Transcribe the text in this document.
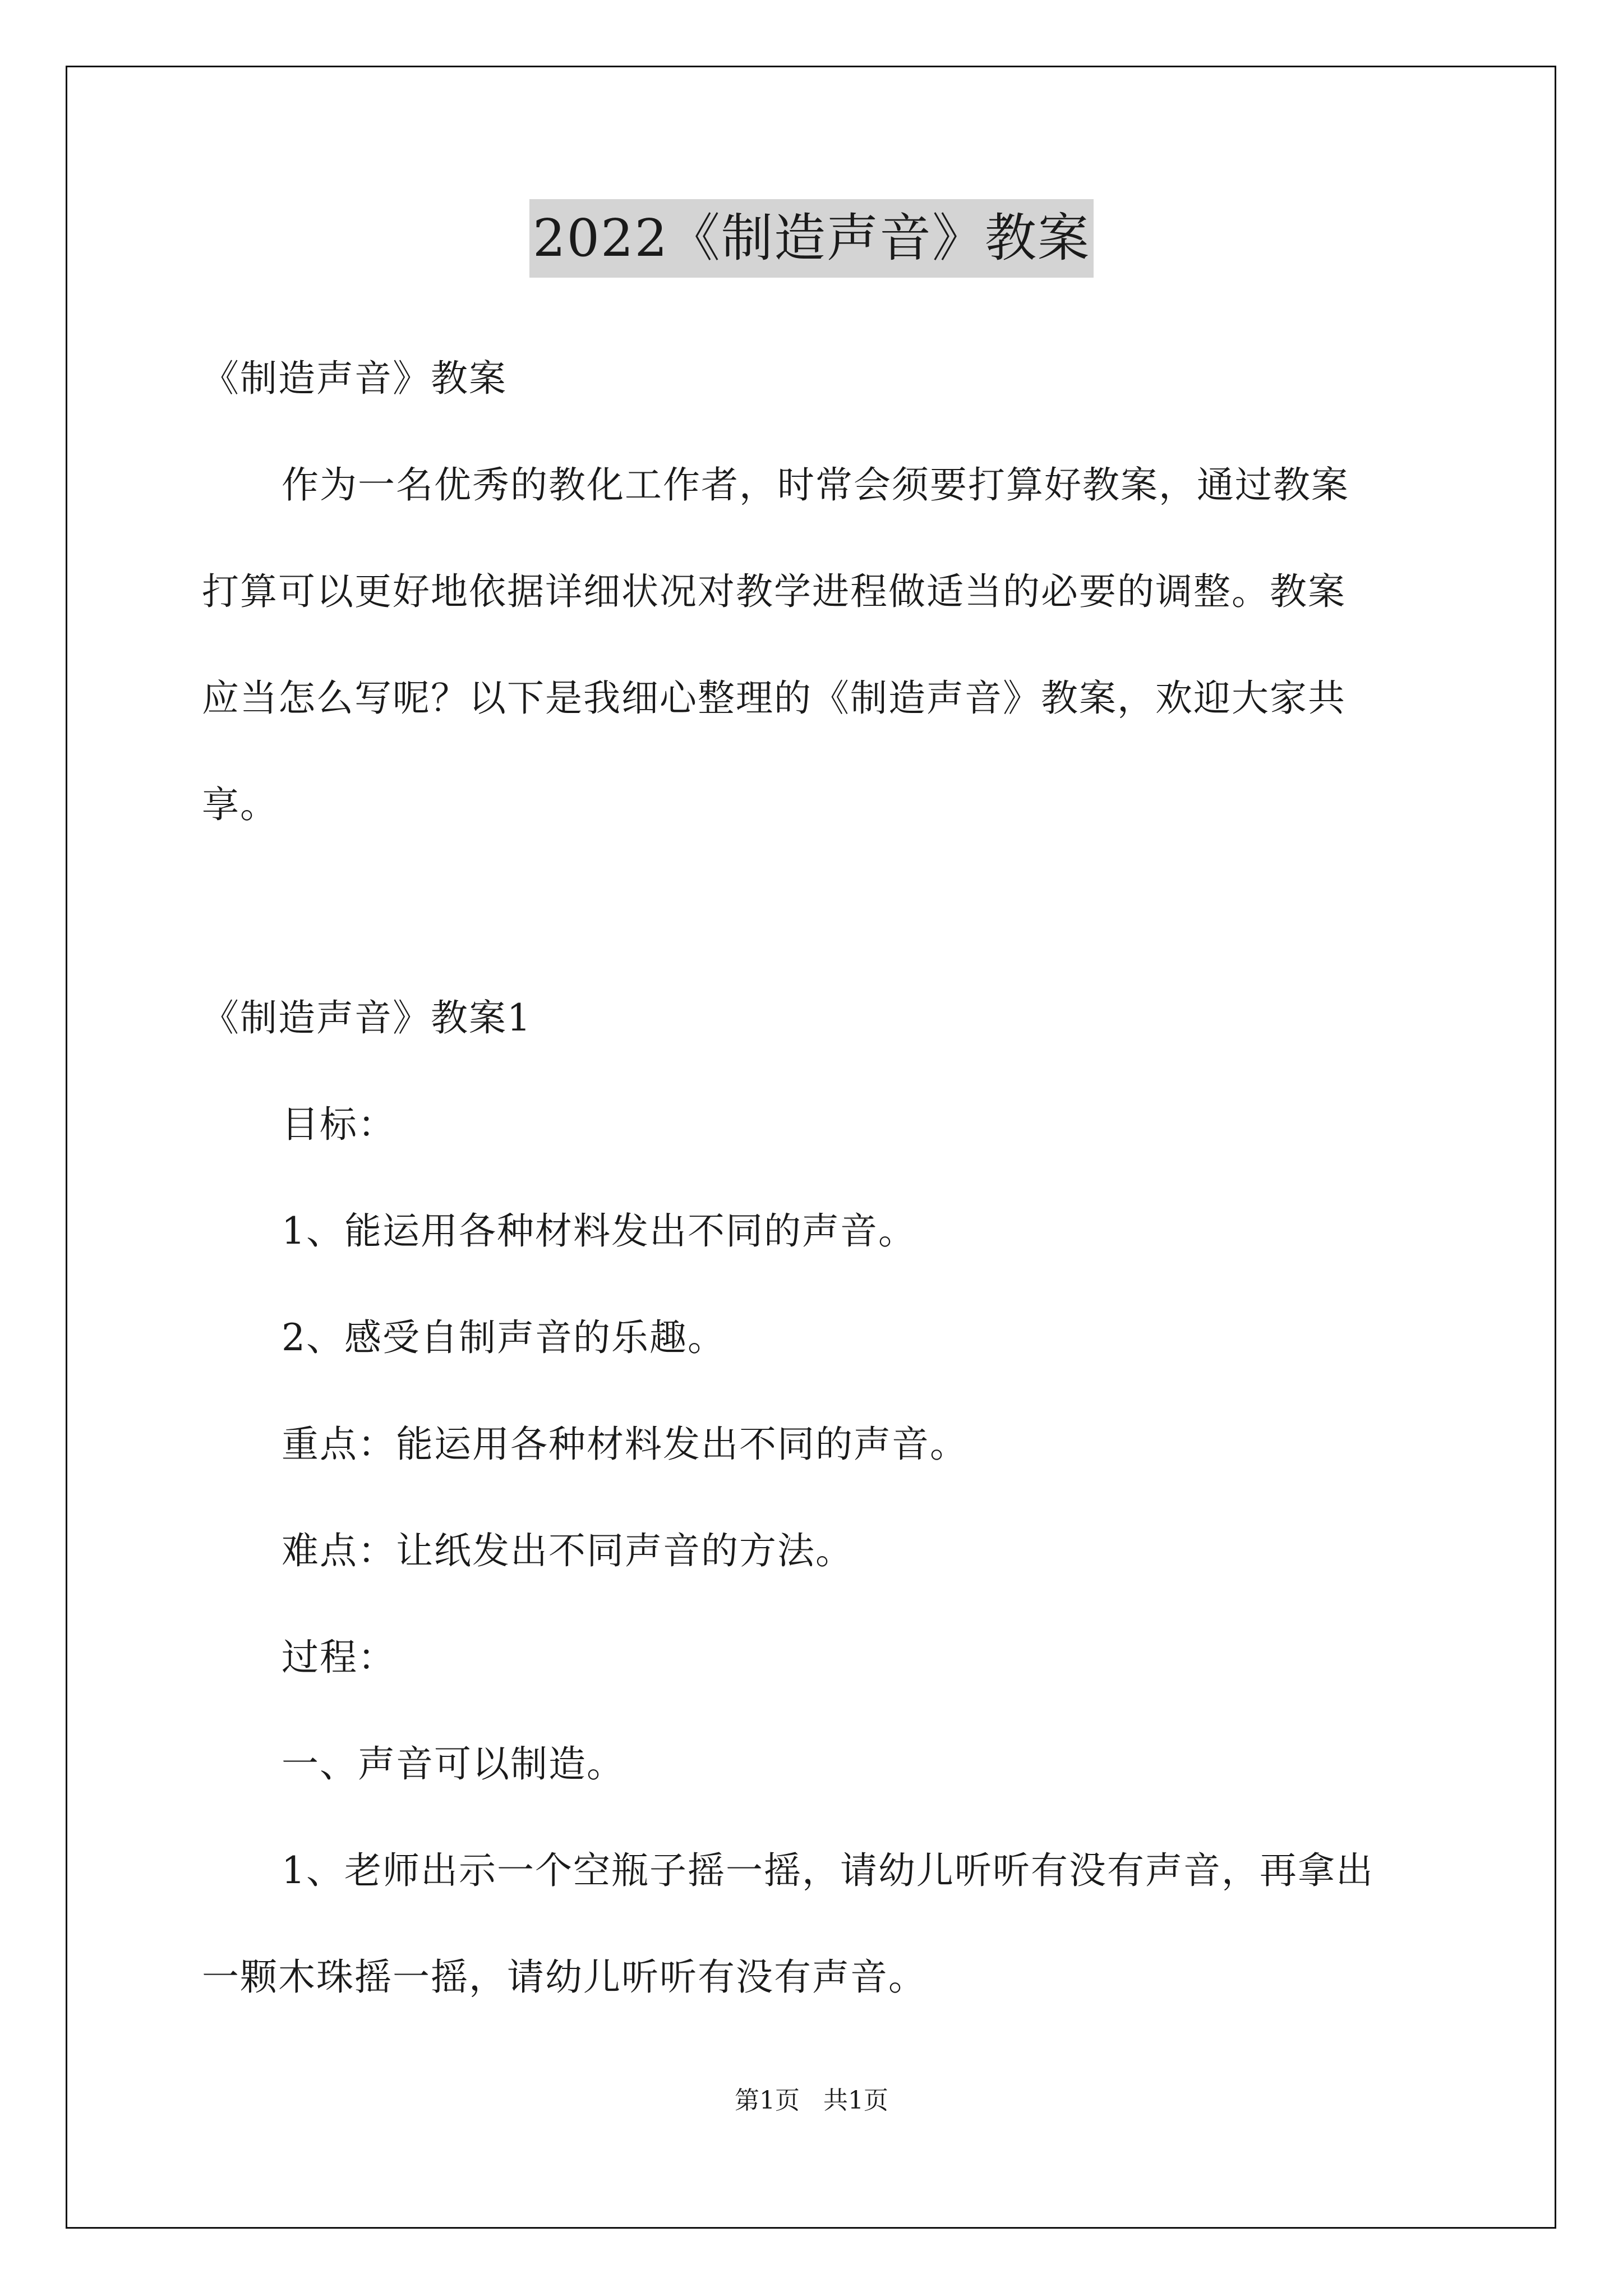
2022《制造声音》教案
《制造声音》教案
作为一名优秀的教化工作者，时常会须要打算好教案，通过教案
打算可以更好地依据详细状况对教学进程做适当的必要的调整。教案
应当怎么写呢？以下是我细心整理的《制造声音》教案，欢迎大家共
享。
《制造声音》教案1
目标：
1、能运用各种材料发出不同的声音。
2、感受自制声音的乐趣。
重点：能运用各种材料发出不同的声音。
难点：让纸发出不同声音的方法。
过程：
一、声音可以制造。
1、老师出示一个空瓶子摇一摇，请幼儿听听有没有声音，再拿出
一颗木珠摇一摇，请幼儿听听有没有声音。
第1页   共1页
